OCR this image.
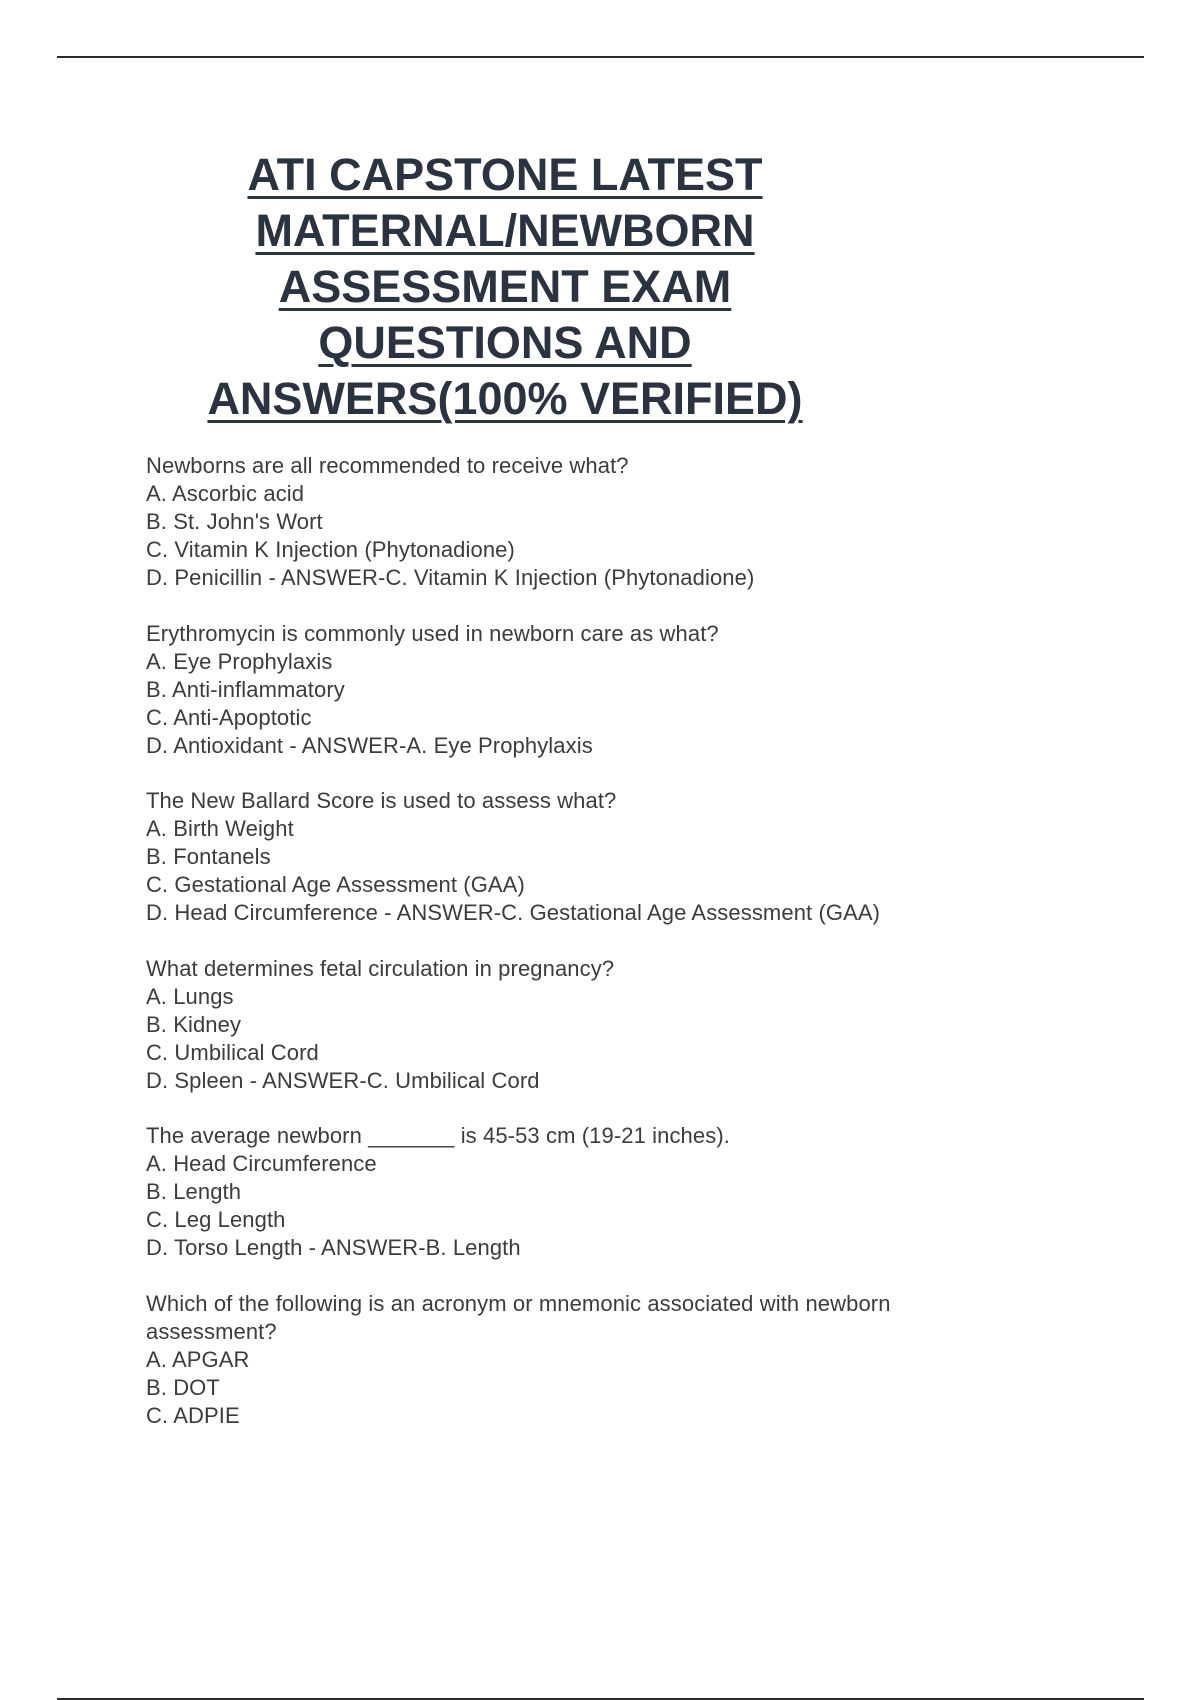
ATI CAPSTONE LATEST
MATERNAL/NEWBORN
ASSESSMENT EXAM
QUESTIONS AND
ANSWERS(100% VERIFIED)

Newborns are all recommended to receive what?

A. Ascorbic acid

B. St. John's Wort

C. Vitamin K Injection (Phytonadione)

D. Penicillin - ANSWER-C. Vitamin K Injection (Phytonadione)

Erythromycin is commonly used in newborn care as what?

A. Eye Prophylaxis

B. Anti-inflammatory

C. Anti-Apoptotic

D. Antioxidant - ANSWER-A. Eye Prophylaxis

The New Ballard Score is used to assess what?

A. Birth Weight

B. Fontanels

C. Gestational Age Assessment (GAA)

D. Head Circumference - ANSWER-C. Gestational Age Assessment (GAA)

What determines fetal circulation in pregnancy?

A. Lungs

B. Kidney

C. Umbilical Cord

D. Spleen - ANSWER-C. Umbilical Cord

The average newborn _______ is 45-53 cm (19-21 inches).

A. Head Circumference

B. Length

C. Leg Length

D. Torso Length - ANSWER-B. Length

Which of the following is an acronym or mnemonic associated with newborn

assessment?

A. APGAR

B. DOT

C. ADPIE
